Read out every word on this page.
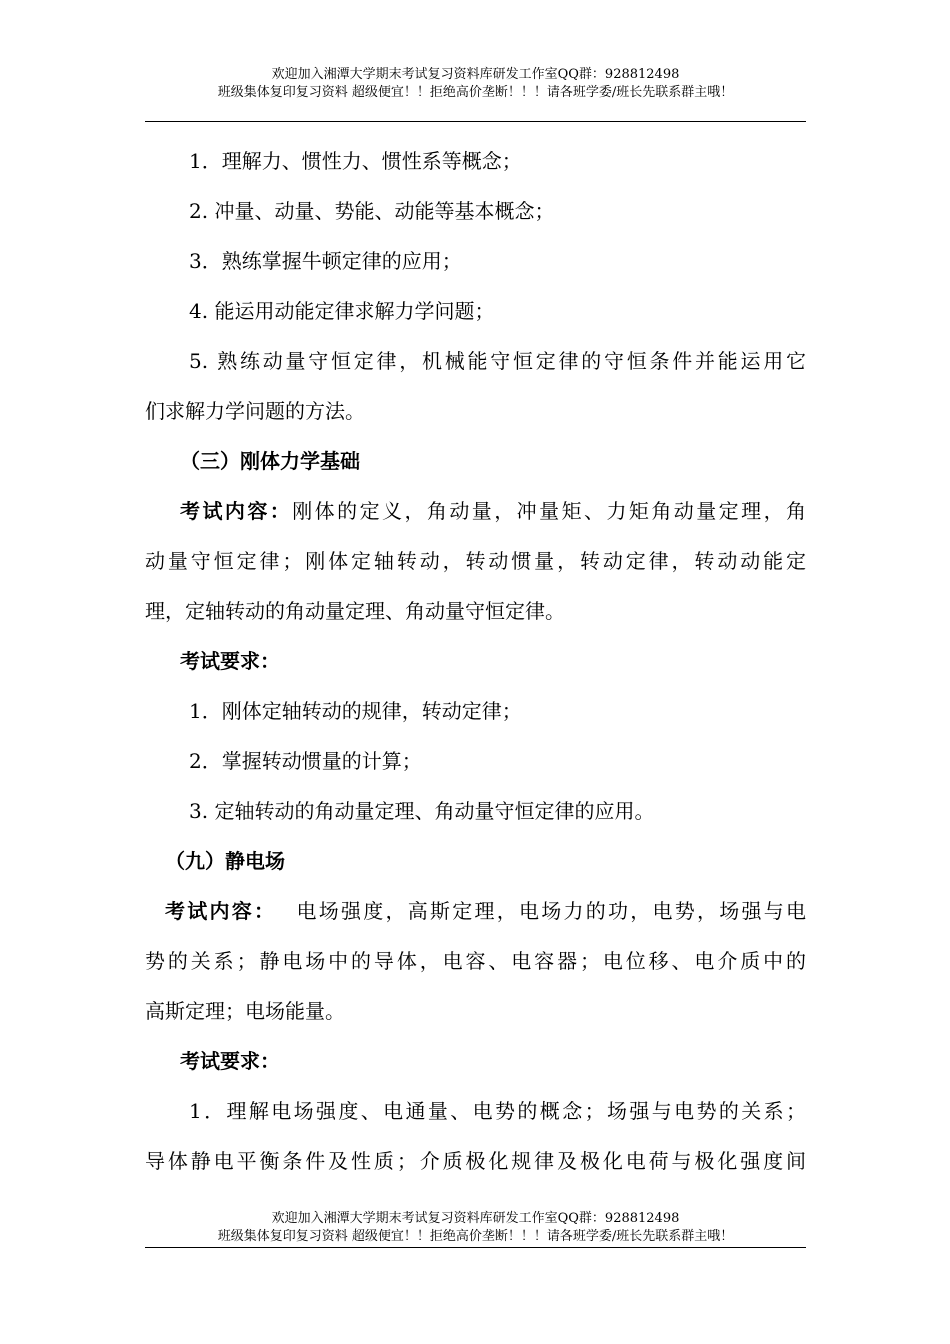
欢迎加入湘潭大学期末考试复习资料库研发工作室QQ群：928812498
班级集体复印复习资料 超级便宜！！拒绝高价垄断！！！请各班学委/班长先联系群主哦！
1．理解力、惯性力、惯性系等概念；
2. 冲量、动量、势能、动能等基本概念；
3．熟练掌握牛顿定律的应用；
4. 能运用动能定律求解力学问题；
5. 熟练动量守恒定律，机械能守恒定律的守恒条件并能运用它
们求解力学问题的方法。
（三）刚体力学基础
考试内容：刚体的定义，角动量，冲量矩、力矩角动量定理，角
动量守恒定律；刚体定轴转动，转动惯量，转动定律，转动动能定
理，定轴转动的角动量定理、角动量守恒定律。
考试要求：
1．刚体定轴转动的规律，转动定律；
2．掌握转动惯量的计算；
3. 定轴转动的角动量定理、角动量守恒定律的应用。
（九）静电场
考试内容： 电场强度，高斯定理，电场力的功，电势，场强与电
势的关系；静电场中的导体，电容、电容器；电位移、电介质中的
高斯定理；电场能量。
考试要求：
1．理解电场强度、电通量、电势的概念；场强与电势的关系；
导体静电平衡条件及性质；介质极化规律及极化电荷与极化强度间
欢迎加入湘潭大学期末考试复习资料库研发工作室QQ群：928812498
班级集体复印复习资料 超级便宜！！拒绝高价垄断！！！请各班学委/班长先联系群主哦！
